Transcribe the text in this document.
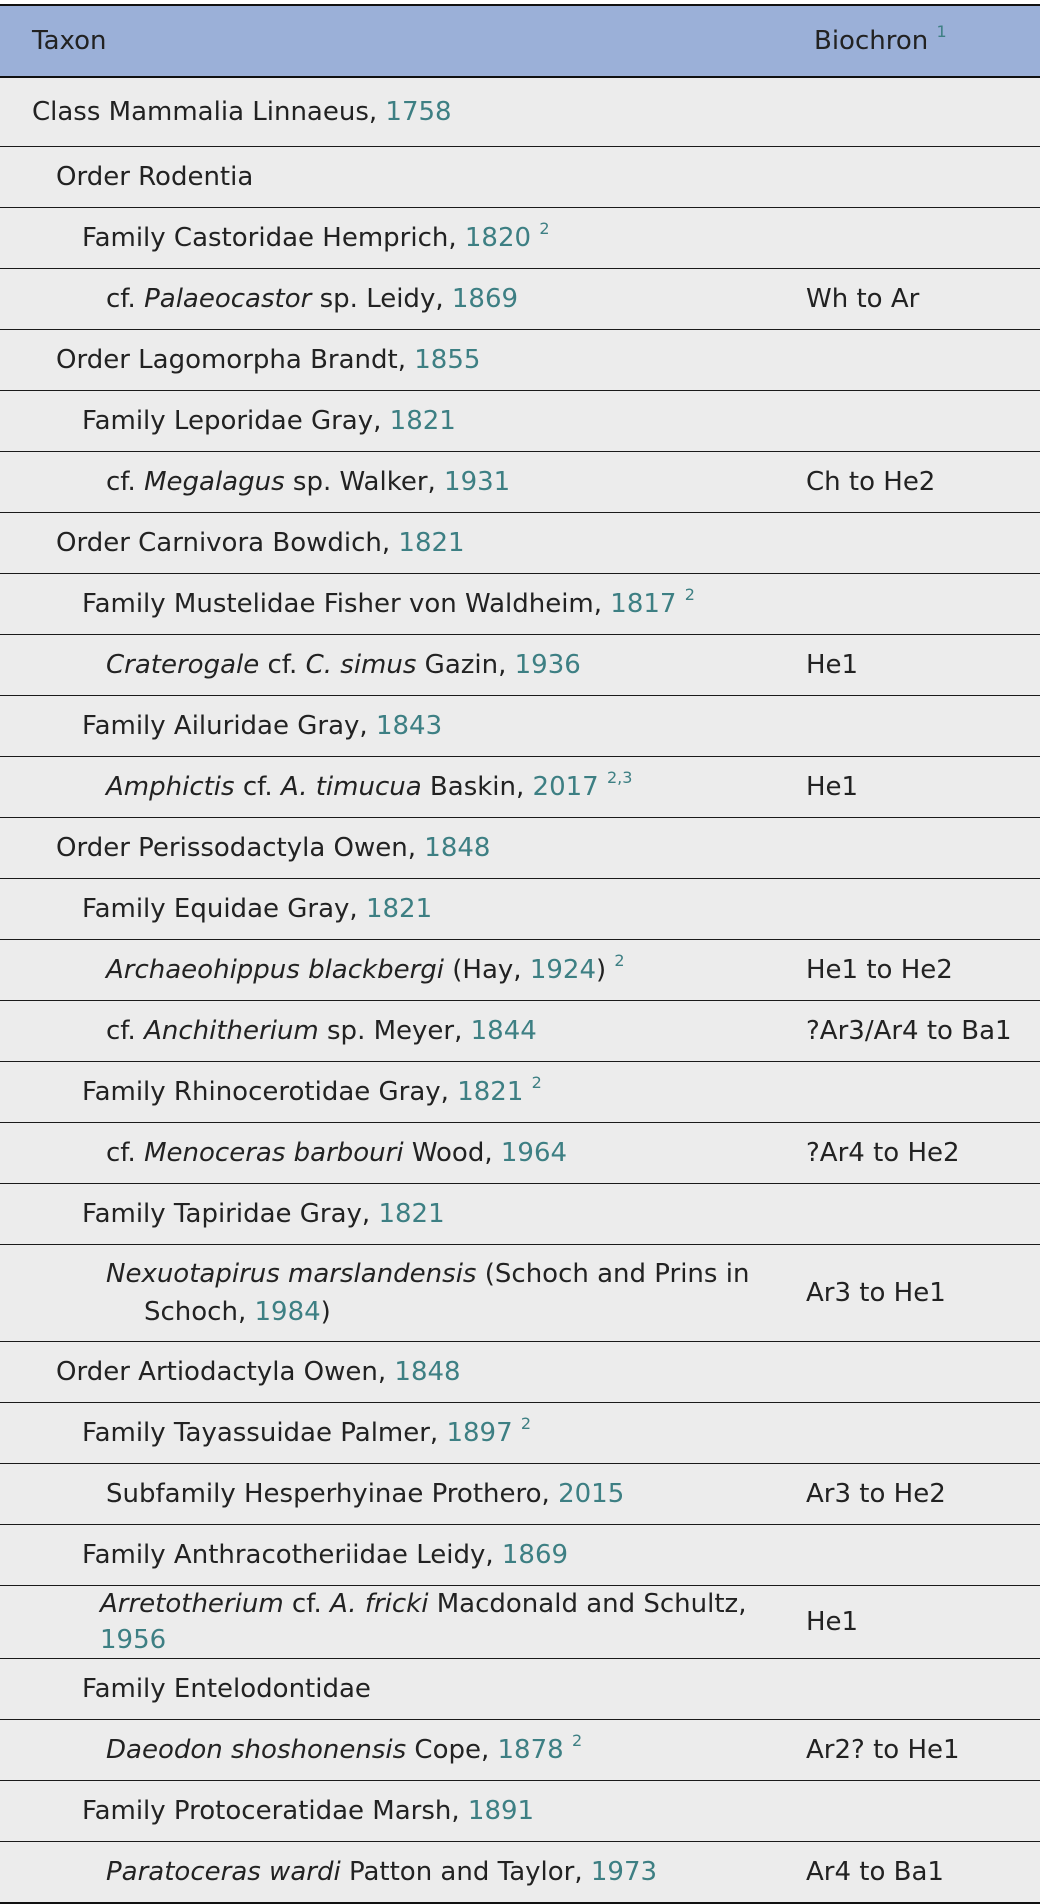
Taxon	Biochron $^1$
Class Mammalia Linnaeus, 1758	
Order Rodentia	
Family Castoridae Hemprich, 1820 $^2$	
cf. Palaeocastor sp. Leidy, 1869	Wh to Ar
Order Lagomorpha Brandt, 1855	
Family Leporidae Gray, 1821	
cf. Megalagus sp. Walker, 1931	Ch to He2
Order Carnivora Bowdich, 1821	
Family Mustelidae Fisher von Waldheim, 1817 $^2$	
Craterogale cf. C. simus Gazin, 1936	He1
Family Ailuridae Gray, 1843	
Amphictis cf. A. timucua Baskin, 2017 $^{2,3}$	He1
Order Perissodactyla Owen, 1848	
Family Equidae Gray, 1821	
Archaeohippus blackbergi (Hay, 1924) $^2$	He1 to He2
cf. Anchitherium sp. Meyer, 1844	?Ar3/Ar4 to Ba1
Family Rhinocerotidae Gray, 1821 $^2$	
cf. Menoceras barbouri Wood, 1964	?Ar4 to He2
Family Tapiridae Gray, 1821	
Nexuotapirus marslandensis (Schoch and Prins in
Schoch, 1984)	Ar3 to He1
Order Artiodactyla Owen, 1848	
Family Tayassuidae Palmer, 1897 $^2$	
Subfamily Hesperhyinae Prothero, 2015	Ar3 to He2
Family Anthracotheriidae Leidy, 1869	
Arretotherium cf. A. fricki Macdonald and Schultz, 1956	He1
Family Entelodontidae	
Daeodon shoshonensis Cope, 1878 $^2$	Ar2? to He1
Family Protoceratidae Marsh, 1891	
Paratoceras wardi Patton and Taylor, 1973	Ar4 to Ba1
